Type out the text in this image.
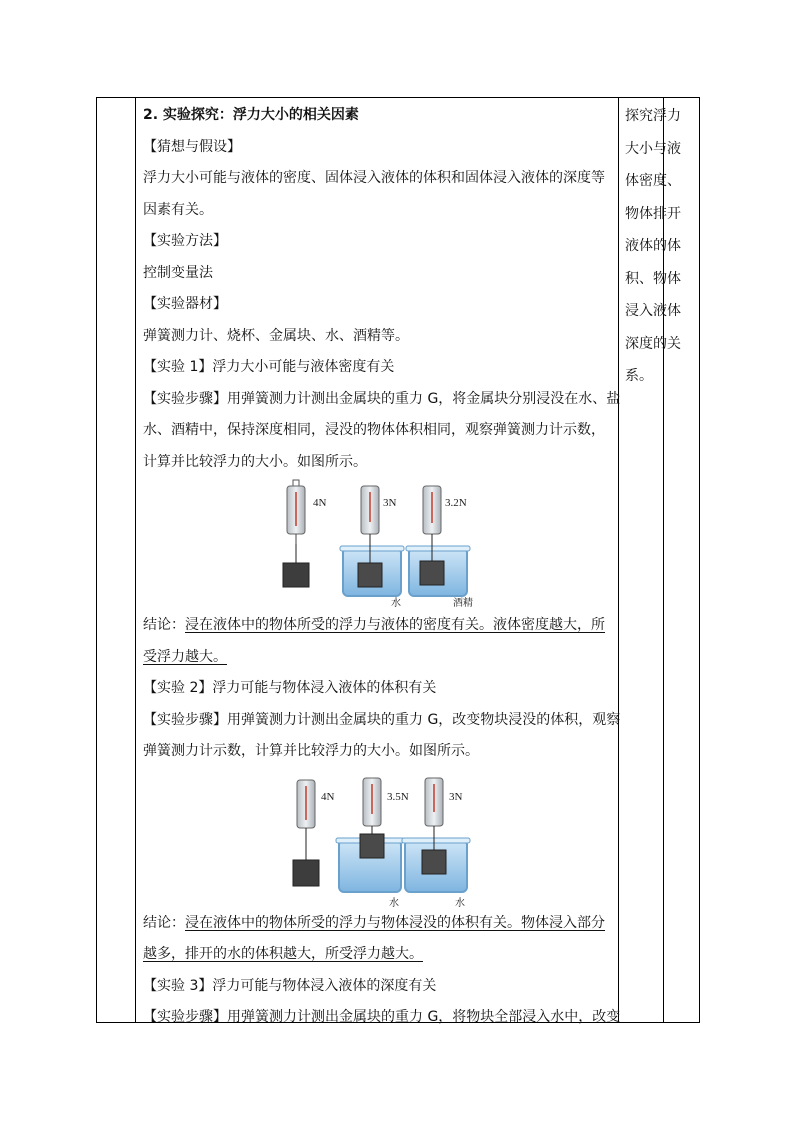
2. 实验探究：浮力大小的相关因素

【猜想与假设】

浮力大小可能与液体的密度、固体浸入液体的体积和固体浸入液体的深度等

因素有关。

【实验方法】

控制变量法

【实验器材】

弹簧测力计、烧杯、金属块、水、酒精等。

【实验 1】浮力大小可能与液体密度有关

【实验步骤】用弹簧测力计测出金属块的重力 G，将金属块分别浸没在水、盐

水、酒精中，保持深度相同，浸没的物体体积相同，观察弹簧测力计示数，

计算并比较浮力的大小。如图所示。

4N	3N
水
3.2N
酒精

结论：浸在液体中的物体所受的浮力与液体的密度有关。液体密度越大，所

受浮力越大。

【实验 2】浮力可能与物体浸入液体的体积有关

【实验步骤】用弹簧测力计测出金属块的重力 G，改变物块浸没的体积，观察

弹簧测力计示数，计算并比较浮力的大小。如图所示。

4N	3.5N
水
3N
水

结论：浸在液体中的物体所受的浮力与物体浸没的体积有关。物体浸入部分

越多，排开的水的体积越大，所受浮力越大。

【实验 3】浮力可能与物体浸入液体的深度有关

【实验步骤】用弹簧测力计测出金属块的重力 G，将物块全部浸入水中，改变

探究浮力大小与液体密度、物体排开液体的体积、物体浸入液体深度的关系。
